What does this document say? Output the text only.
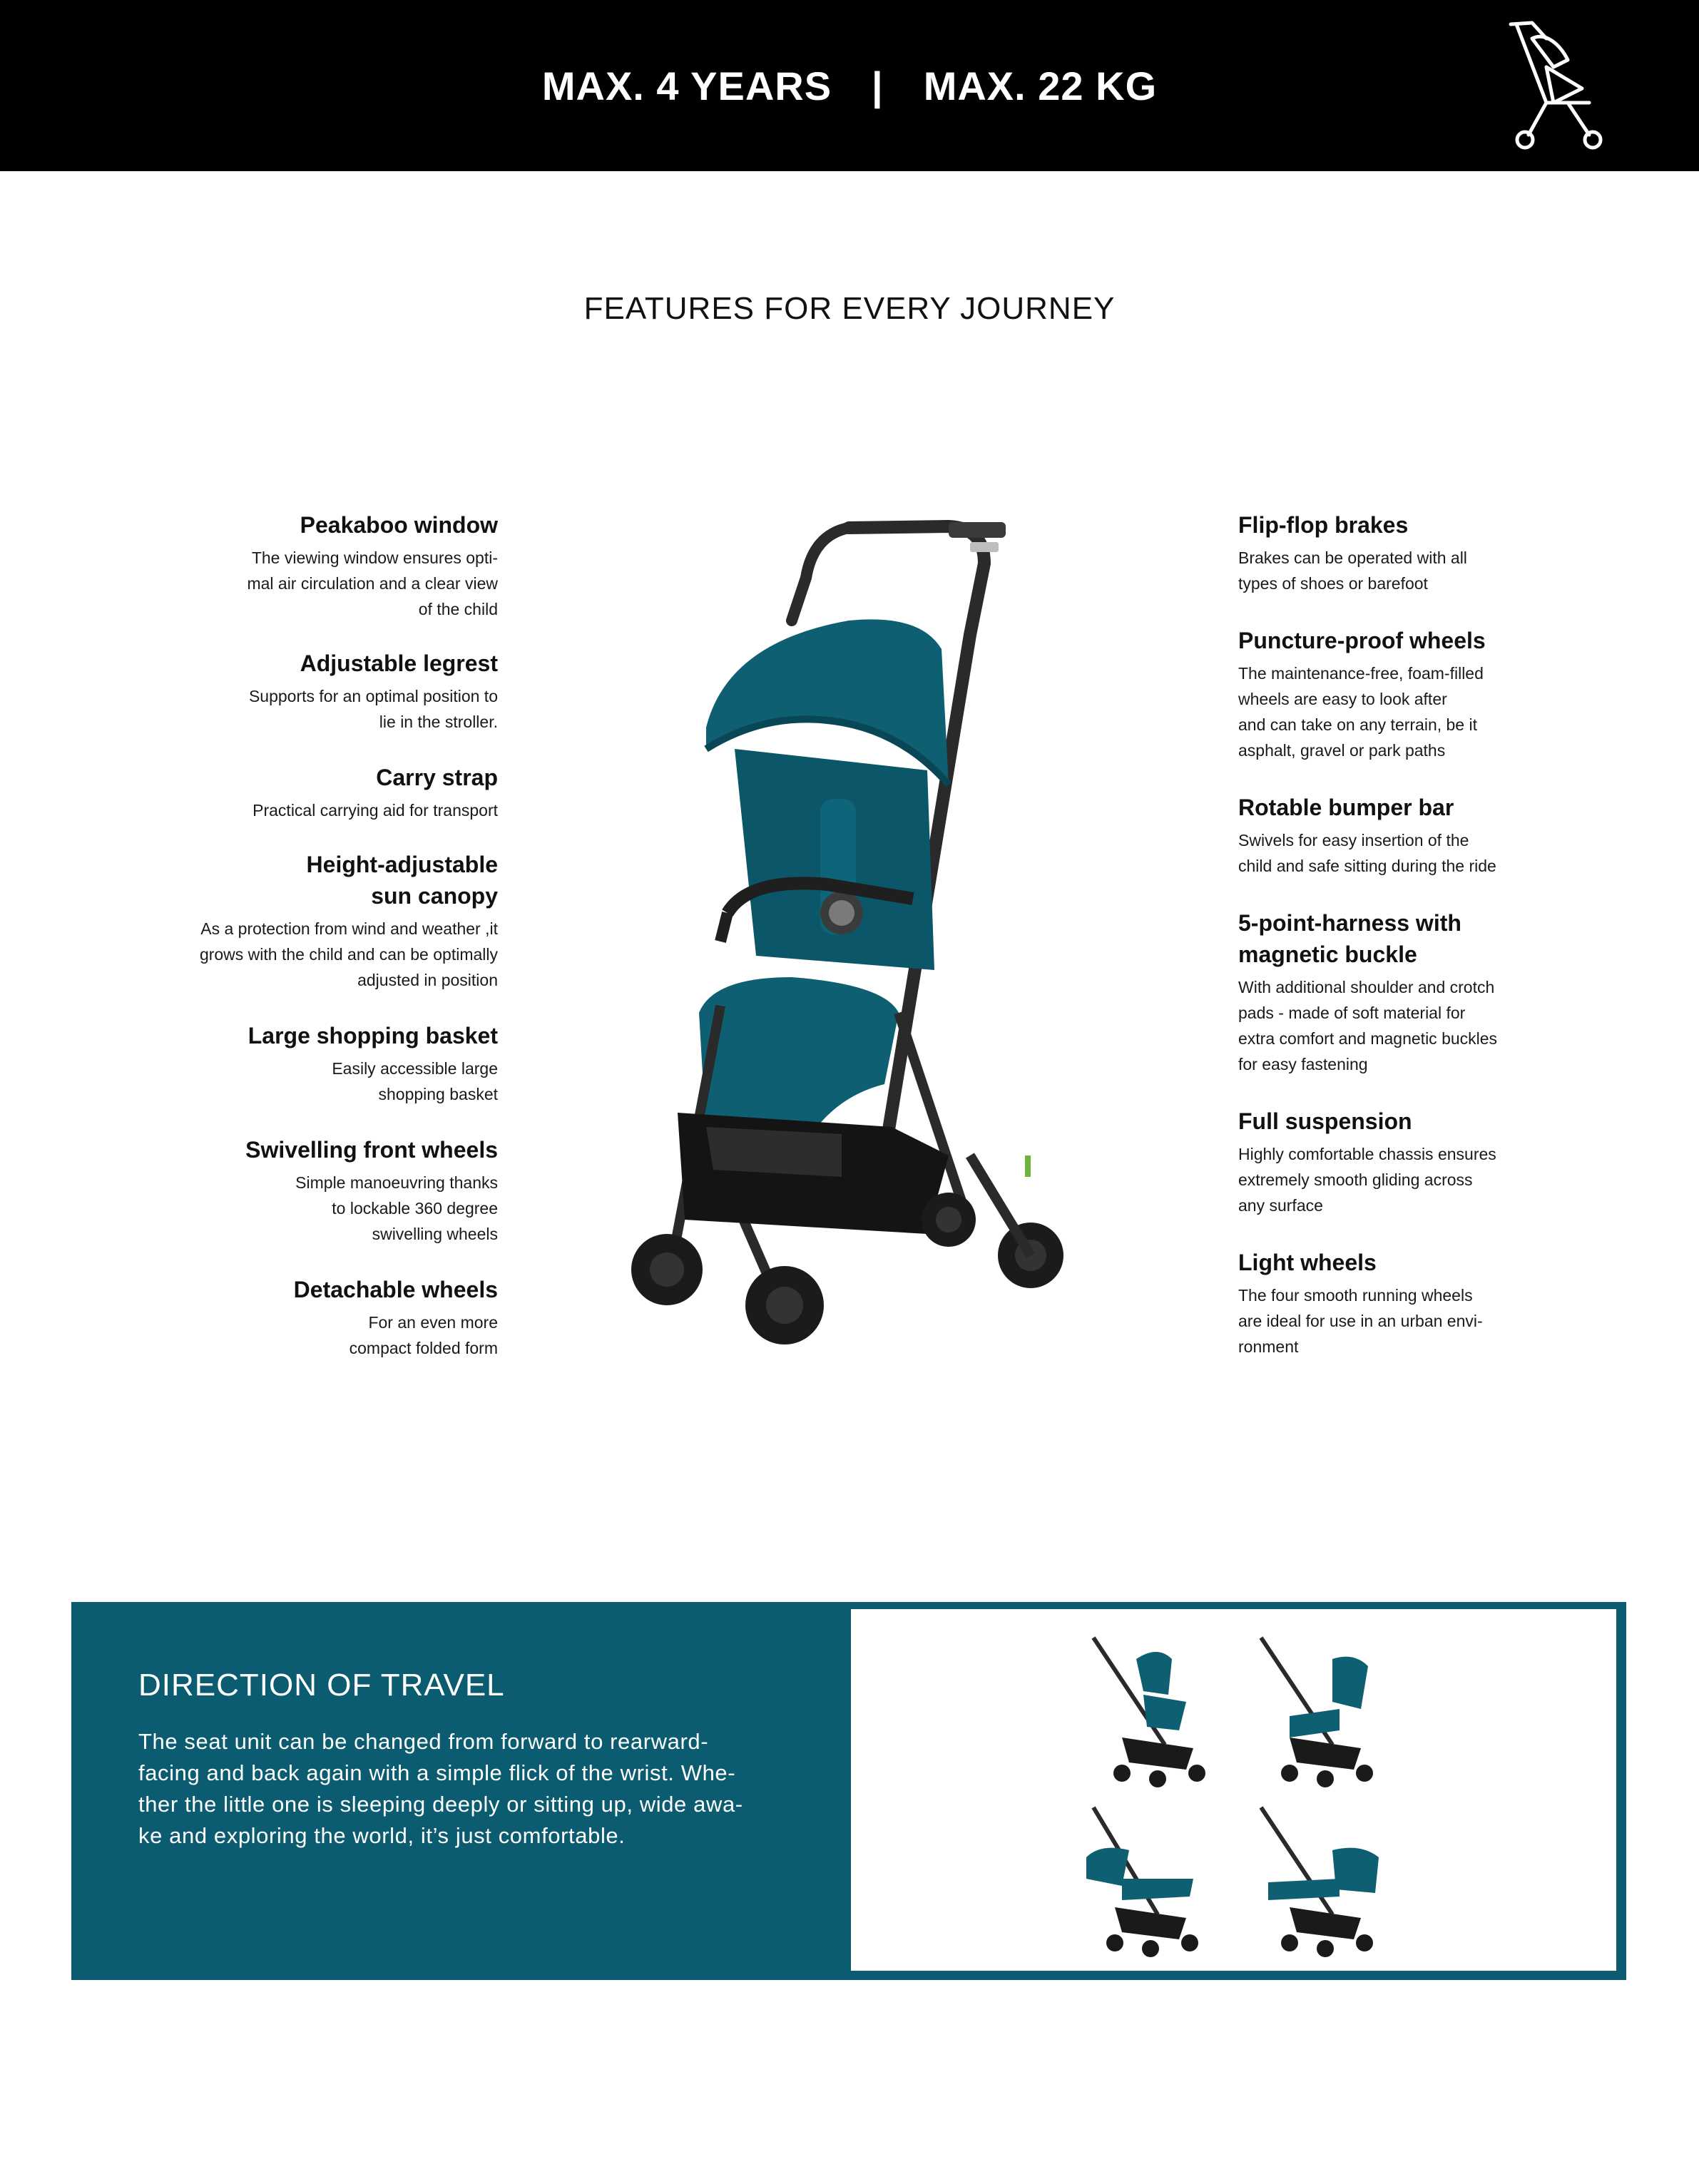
MAX. 4 YEARS | MAX. 22 KG
FEATURES FOR EVERY JOURNEY
Peakaboo window

The viewing window ensures opti-
mal air circulation and a clear view
of the child

Adjustable legrest

Supports for an optimal position to
lie in the stroller.

Carry strap

Practical carrying aid for transport

Height-adjustable
sun canopy

As a protection from wind and weather ,it
grows with the child and can be optimally
adjusted in position

Large shopping basket

Easily accessible large
shopping basket

Swivelling front wheels

Simple manoeuvring thanks
to lockable 360 degree
swivelling wheels

Detachable wheels

For an even more
compact folded form

Flip-flop brakes

Brakes can be operated with all
types of shoes or barefoot

Puncture-proof wheels

The maintenance-free, foam-filled
wheels are easy to look after
and can take on any terrain, be it
asphalt, gravel or park paths

Rotable bumper bar

Swivels for easy insertion of the
child and safe sitting during the ride

5-point-harness with
magnetic buckle

With additional shoulder and crotch
pads - made of soft material for
extra comfort and magnetic buckles
for easy fastening

Full suspension

Highly comfortable chassis ensures
extremely smooth gliding across
any surface

Light wheels

The four smooth running wheels
are ideal for use in an urban envi-
ronment

DIRECTION OF TRAVEL

The seat unit can be changed from forward to rearward-
facing and back again with a simple flick of the wrist. Whe-
ther the little one is sleeping deeply or sitting up, wide awa-
ke and exploring the world, it’s just comfortable.
